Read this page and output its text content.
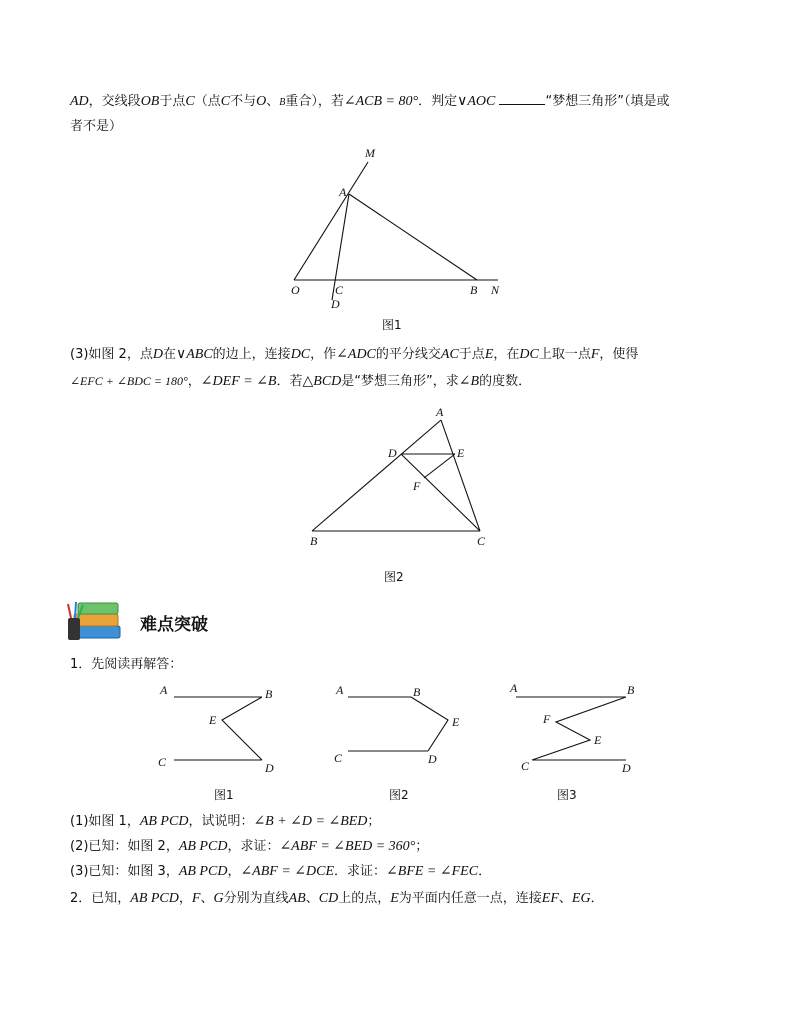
AD，交线段OB于点C（点C不与O、B重合），若∠ACB = 80°．判定∨AOC	“梦想三角形”（填是或
者不是）
M
A
O	C
D
B N
图1
(3)如图 2，点D在∨ABC的边上，连接DC，作∠ADC的平分线交AC于点E，在DC上取一点F，使得
∠EFC + ∠BDC = 180°，∠DEF = ∠B．若△BCD是“梦想三角形”，求∠B的度数．
A
D	E
F
B	C
图2
难点突破
1．先阅读再解答：
A	B
E
C	D
A	B
E
C	D
A	B
F
E
C	D
图1	图2	图3
(1)如图 1，AB PCD，试说明：∠B + ∠D = ∠BED；
(2)已知：如图 2，AB PCD，求证：∠ABF = ∠BED = 360°；
(3)已知：如图 3，AB PCD，∠ABF = ∠DCE．求证：∠BFE = ∠FEC．
2．已知，AB PCD，F、G分别为直线AB、CD上的点，E为平面内任意一点，连接EF、EG．
